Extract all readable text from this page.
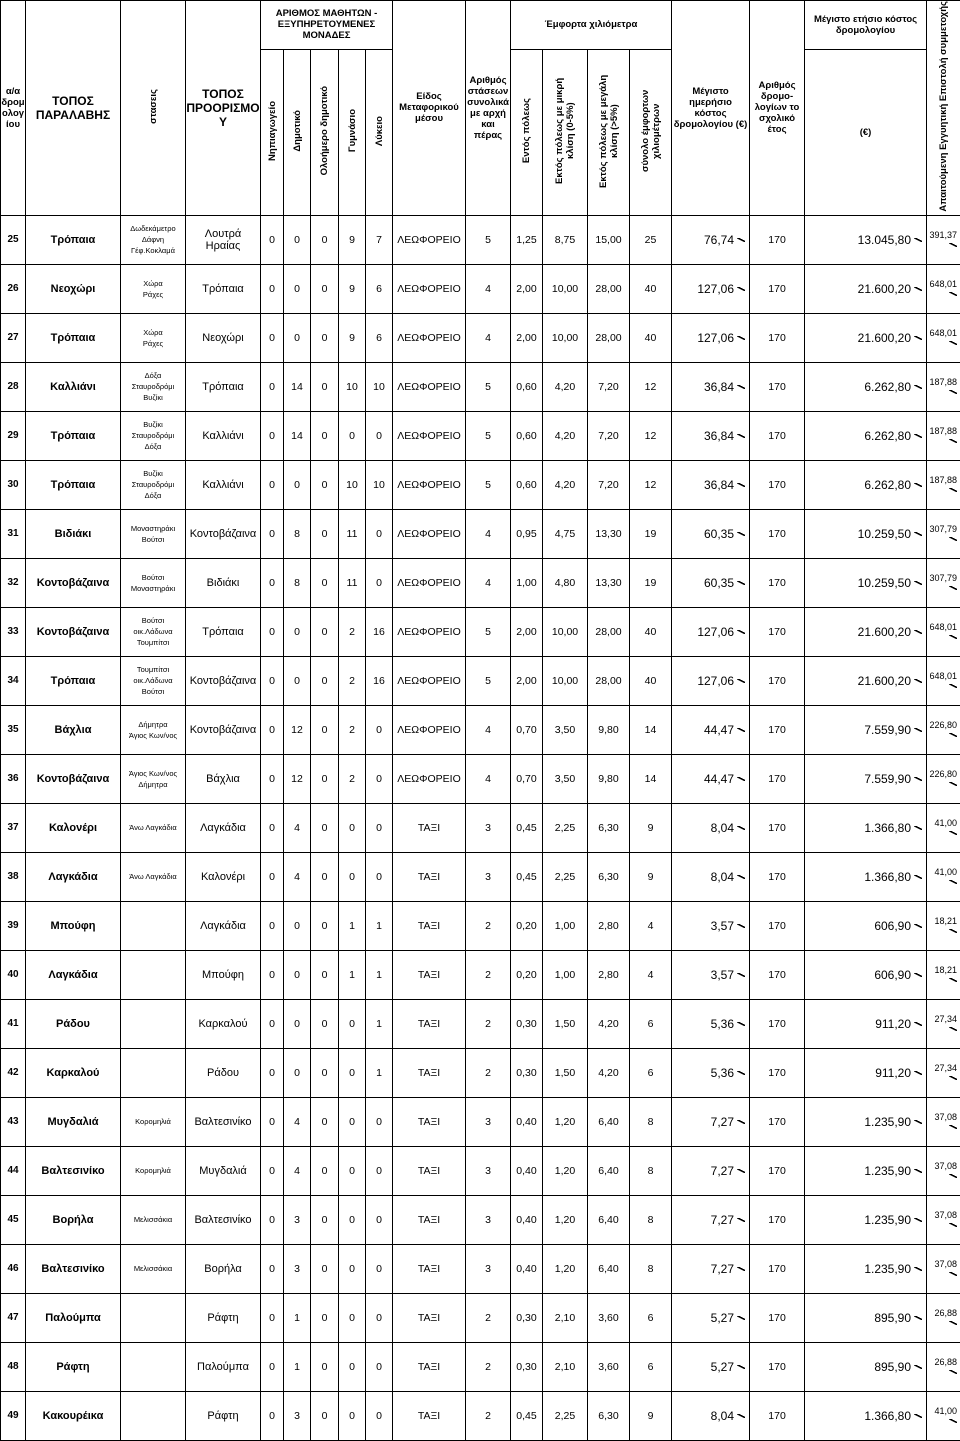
α/α δρομ ολογ ίου	ΤΟΠΟΣ ΠΑΡΑΛΑΒΗΣ	στασεις	ΤΟΠΟΣ ΠΡΟΟΡΙΣΜΟ Υ	ΑΡΙΘΜΟΣ ΜΑΘΗΤΩΝ - ΕΞΥΠΗΡΕΤΟΥΜΕΝΕΣ ΜΟΝΑΔΕΣ					Είδος Μεταφορικού μέσου	Αριθμός στάσεων συνολικά με αρχή και πέρας	Έμφορτα χιλιόμετρα				Μέγιστο ημερήσιο κόστος δρομολογίου (€)	Αριθμός δρομο-λογίων το σχολικό έτος	Μέγιστο ετήσιο κόστος δρομολογίου	Απαιτούμενη Εγγυητική Επιστολή συμμετοχής
				Νηπιαγωγείο	Δημοτικό	Ολοήμερο δημοτικό	Γυμνάσιο	Λύκειο			Εντός πόλεως	Εκτός πόλεως με μικρή κλίση (0-5%)	Εκτός πόλεως με μεγάλη κλίση (>5%)	σύνολο έμφορτων χιλιομέτρων			(€)	
25	Τρόπαια	Δωδεκάμετρο
Δάφνη
Γέφ.Κοκλαμά	Λουτρά Ηραίας	0	0	0	9	7	ΛΕΩΦΟΡΕΙΟ	5	1,25	8,75	15,00	25	76,74	170	13.045,80	391,37
26	Νεοχώρι	Χώρα
Ράχες	Τρόπαια	0	0	0	9	6	ΛΕΩΦΟΡΕΙΟ	4	2,00	10,00	28,00	40	127,06	170	21.600,20	648,01
27	Τρόπαια	Χώρα
Ράχες	Νεοχώρι	0	0	0	9	6	ΛΕΩΦΟΡΕΙΟ	4	2,00	10,00	28,00	40	127,06	170	21.600,20	648,01
28	Καλλιάνι	Δόξα
Σταυροδρόμι
Βυζίκι	Τρόπαια	0	14	0	10	10	ΛΕΩΦΟΡΕΙΟ	5	0,60	4,20	7,20	12	36,84	170	6.262,80	187,88
29	Τρόπαια	Βυζίκι
Σταυροδρόμι
Δόξα	Καλλιάνι	0	14	0	0	0	ΛΕΩΦΟΡΕΙΟ	5	0,60	4,20	7,20	12	36,84	170	6.262,80	187,88
30	Τρόπαια	Βυζίκι
Σταυροδρόμι
Δόξα	Καλλιάνι	0	0	0	10	10	ΛΕΩΦΟΡΕΙΟ	5	0,60	4,20	7,20	12	36,84	170	6.262,80	187,88
31	Βιδιάκι	Μοναστηράκι
Βούτσι	Κοντοβάζαινα	0	8	0	11	0	ΛΕΩΦΟΡΕΙΟ	4	0,95	4,75	13,30	19	60,35	170	10.259,50	307,79
32	Κοντοβάζαινα	Βούτσι
Μοναστηράκι	Βιδιάκι	0	8	0	11	0	ΛΕΩΦΟΡΕΙΟ	4	1,00	4,80	13,30	19	60,35	170	10.259,50	307,79
33	Κοντοβάζαινα	Βούτσι
οικ.Λάδωνα
Τουμπίτσι	Τρόπαια	0	0	0	2	16	ΛΕΩΦΟΡΕΙΟ	5	2,00	10,00	28,00	40	127,06	170	21.600,20	648,01
34	Τρόπαια	Τουμπίτσι
οικ.Λάδωνα
Βούτσι	Κοντοβάζαινα	0	0	0	2	16	ΛΕΩΦΟΡΕΙΟ	5	2,00	10,00	28,00	40	127,06	170	21.600,20	648,01
35	Βάχλια	Δήμητρα
Άγιος Κων/νος	Κοντοβάζαινα	0	12	0	2	0	ΛΕΩΦΟΡΕΙΟ	4	0,70	3,50	9,80	14	44,47	170	7.559,90	226,80
36	Κοντοβάζαινα	Άγιος Κων/νος
Δήμητρα	Βάχλια	0	12	0	2	0	ΛΕΩΦΟΡΕΙΟ	4	0,70	3,50	9,80	14	44,47	170	7.559,90	226,80
37	Καλονέρι	Άνω Λαγκάδια	Λαγκάδια	0	4	0	0	0	ΤΑΞΙ	3	0,45	2,25	6,30	9	8,04	170	1.366,80	41,00
38	Λαγκάδια	Άνω Λαγκάδια	Καλονέρι	0	4	0	0	0	ΤΑΞΙ	3	0,45	2,25	6,30	9	8,04	170	1.366,80	41,00
39	Μπούφη		Λαγκάδια	0	0	0	1	1	ΤΑΞΙ	2	0,20	1,00	2,80	4	3,57	170	606,90	18,21
40	Λαγκάδια		Μπούφη	0	0	0	1	1	ΤΑΞΙ	2	0,20	1,00	2,80	4	3,57	170	606,90	18,21
41	Ράδου		Καρκαλού	0	0	0	0	1	ΤΑΞΙ	2	0,30	1,50	4,20	6	5,36	170	911,20	27,34
42	Καρκαλού		Ράδου	0	0	0	0	1	ΤΑΞΙ	2	0,30	1,50	4,20	6	5,36	170	911,20	27,34
43	Μυγδαλιά	Κορομηλιά	Βαλτεσινίκο	0	4	0	0	0	ΤΑΞΙ	3	0,40	1,20	6,40	8	7,27	170	1.235,90	37,08
44	Βαλτεσινίκο	Κορομηλιά	Μυγδαλιά	0	4	0	0	0	ΤΑΞΙ	3	0,40	1,20	6,40	8	7,27	170	1.235,90	37,08
45	Βορήλα	Μελισσάκια	Βαλτεσινίκο	0	3	0	0	0	ΤΑΞΙ	3	0,40	1,20	6,40	8	7,27	170	1.235,90	37,08
46	Βαλτεσινίκο	Μελισσάκια	Βορήλα	0	3	0	0	0	ΤΑΞΙ	3	0,40	1,20	6,40	8	7,27	170	1.235,90	37,08
47	Παλούμπα		Ράφτη	0	1	0	0	0	ΤΑΞΙ	2	0,30	2,10	3,60	6	5,27	170	895,90	26,88
48	Ράφτη		Παλούμπα	0	1	0	0	0	ΤΑΞΙ	2	0,30	2,10	3,60	6	5,27	170	895,90	26,88
49	Κακουρέικα		Ράφτη	0	3	0	0	0	ΤΑΞΙ	2	0,45	2,25	6,30	9	8,04	170	1.366,80	41,00
